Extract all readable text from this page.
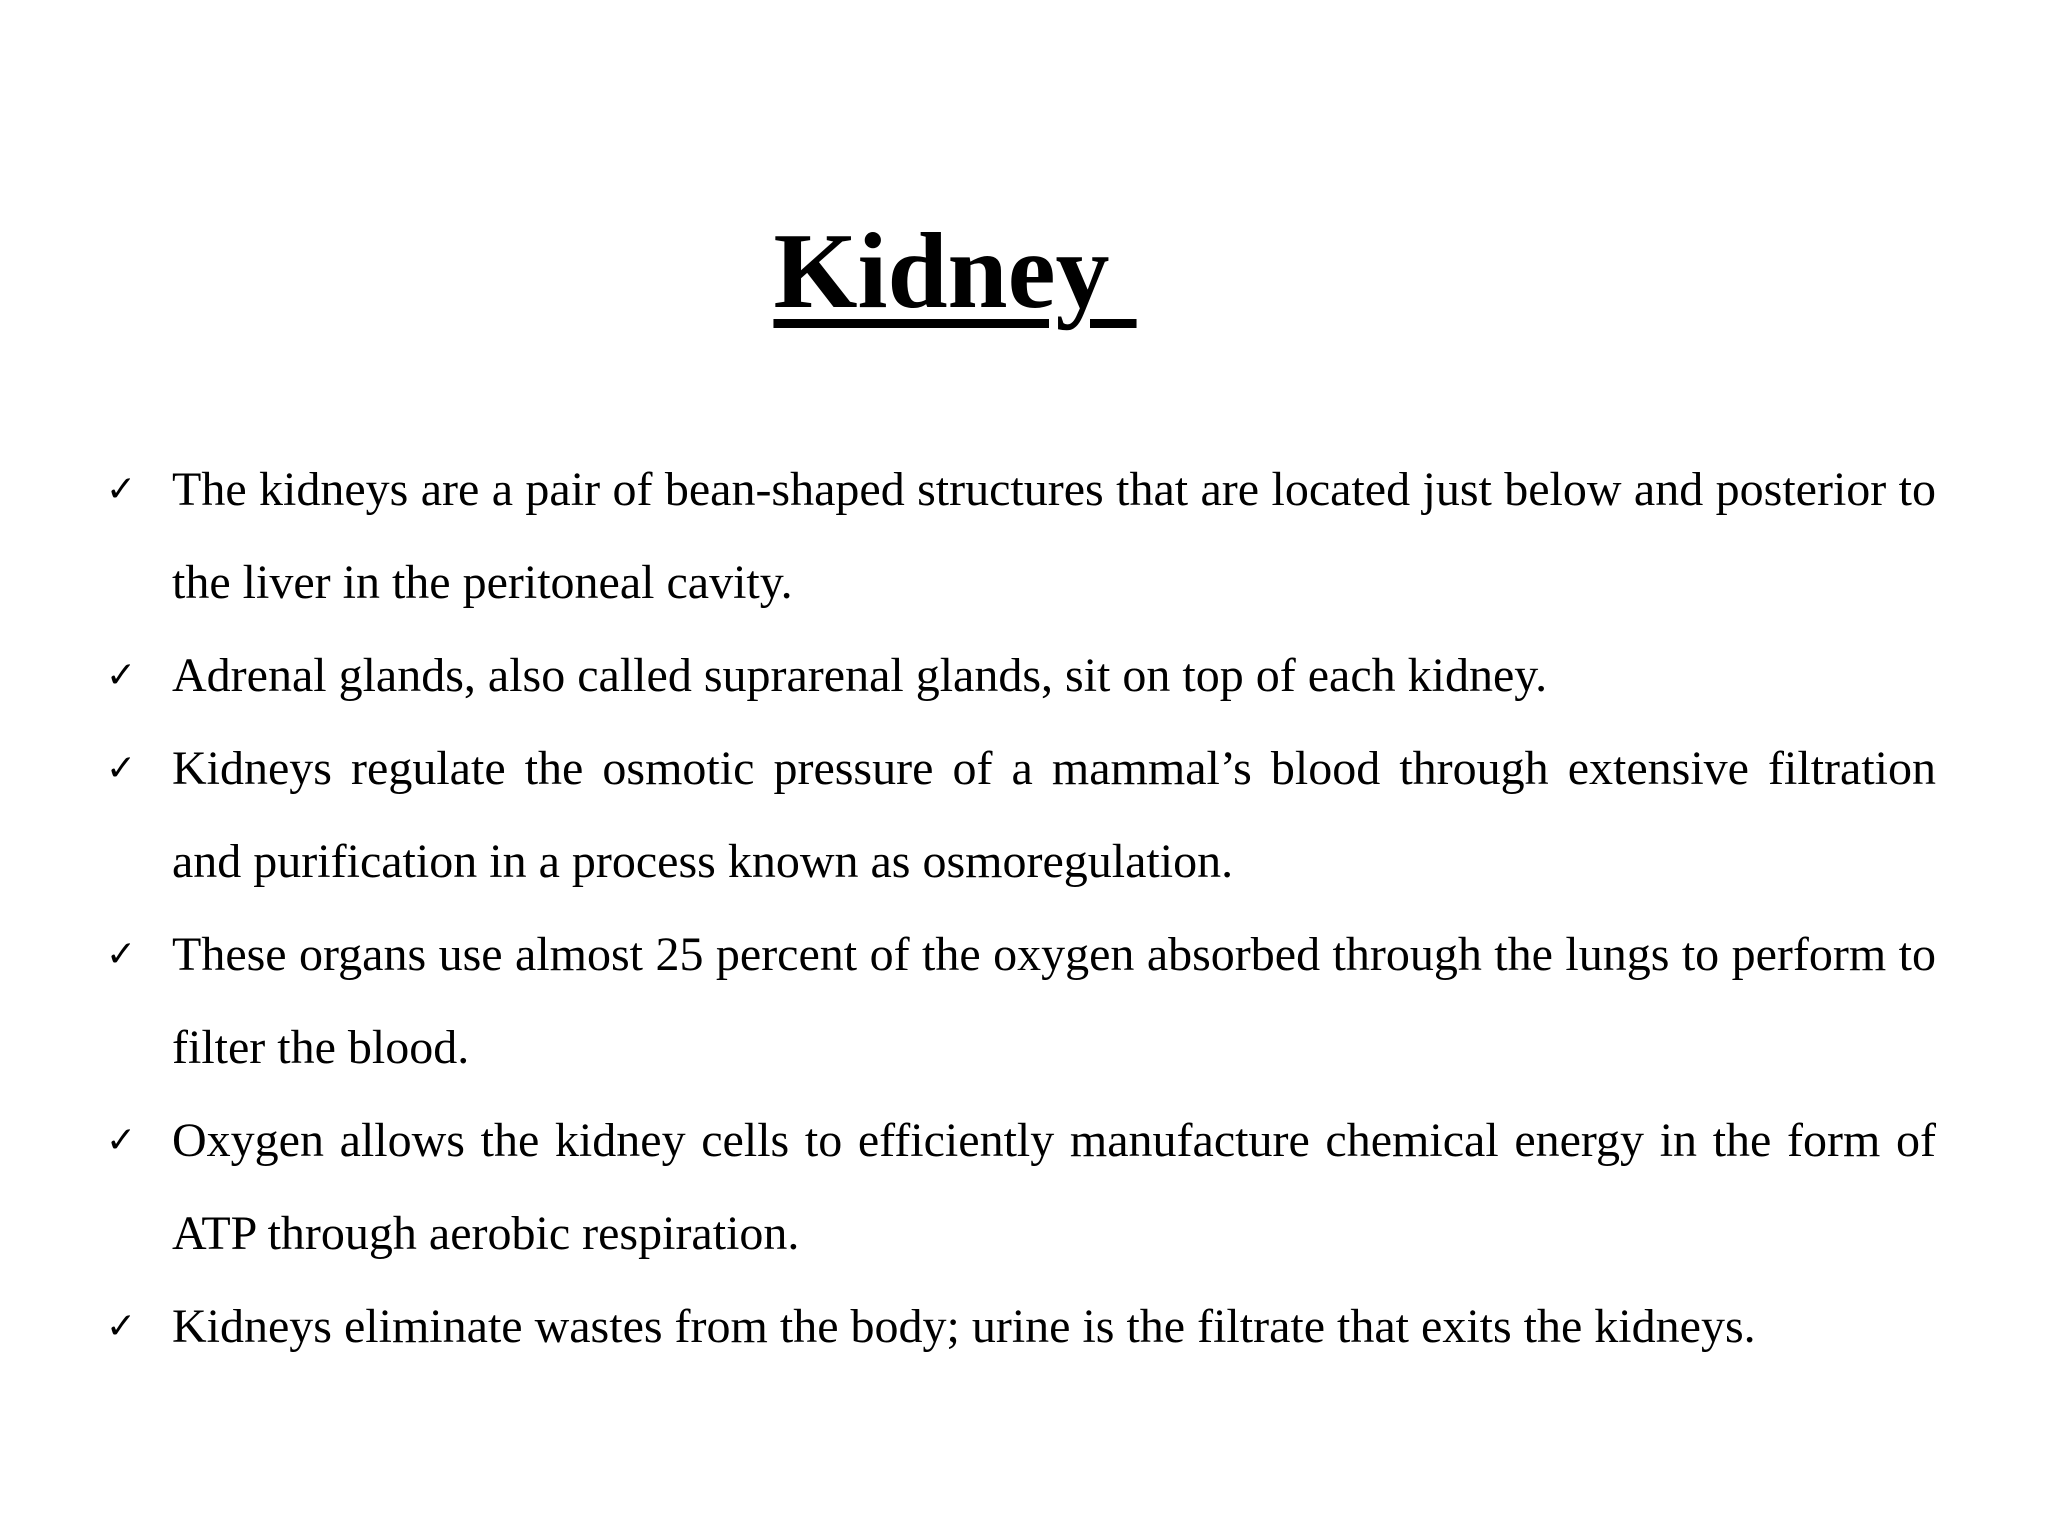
Kidney
✓ The kidneys are a pair of bean-shaped structures that are located just below and posterior to the liver in the peritoneal cavity.
✓ Adrenal glands, also called suprarenal glands, sit on top of each kidney.
✓ Kidneys regulate the osmotic pressure of a mammal’s blood through extensive filtration and purification in a process known as osmoregulation.
✓ These organs use almost 25 percent of the oxygen absorbed through the lungs to perform to filter the blood.
✓ Oxygen allows the kidney cells to efficiently manufacture chemical energy in the form of ATP through aerobic respiration.
✓ Kidneys eliminate wastes from the body; urine is the filtrate that exits the kidneys.
